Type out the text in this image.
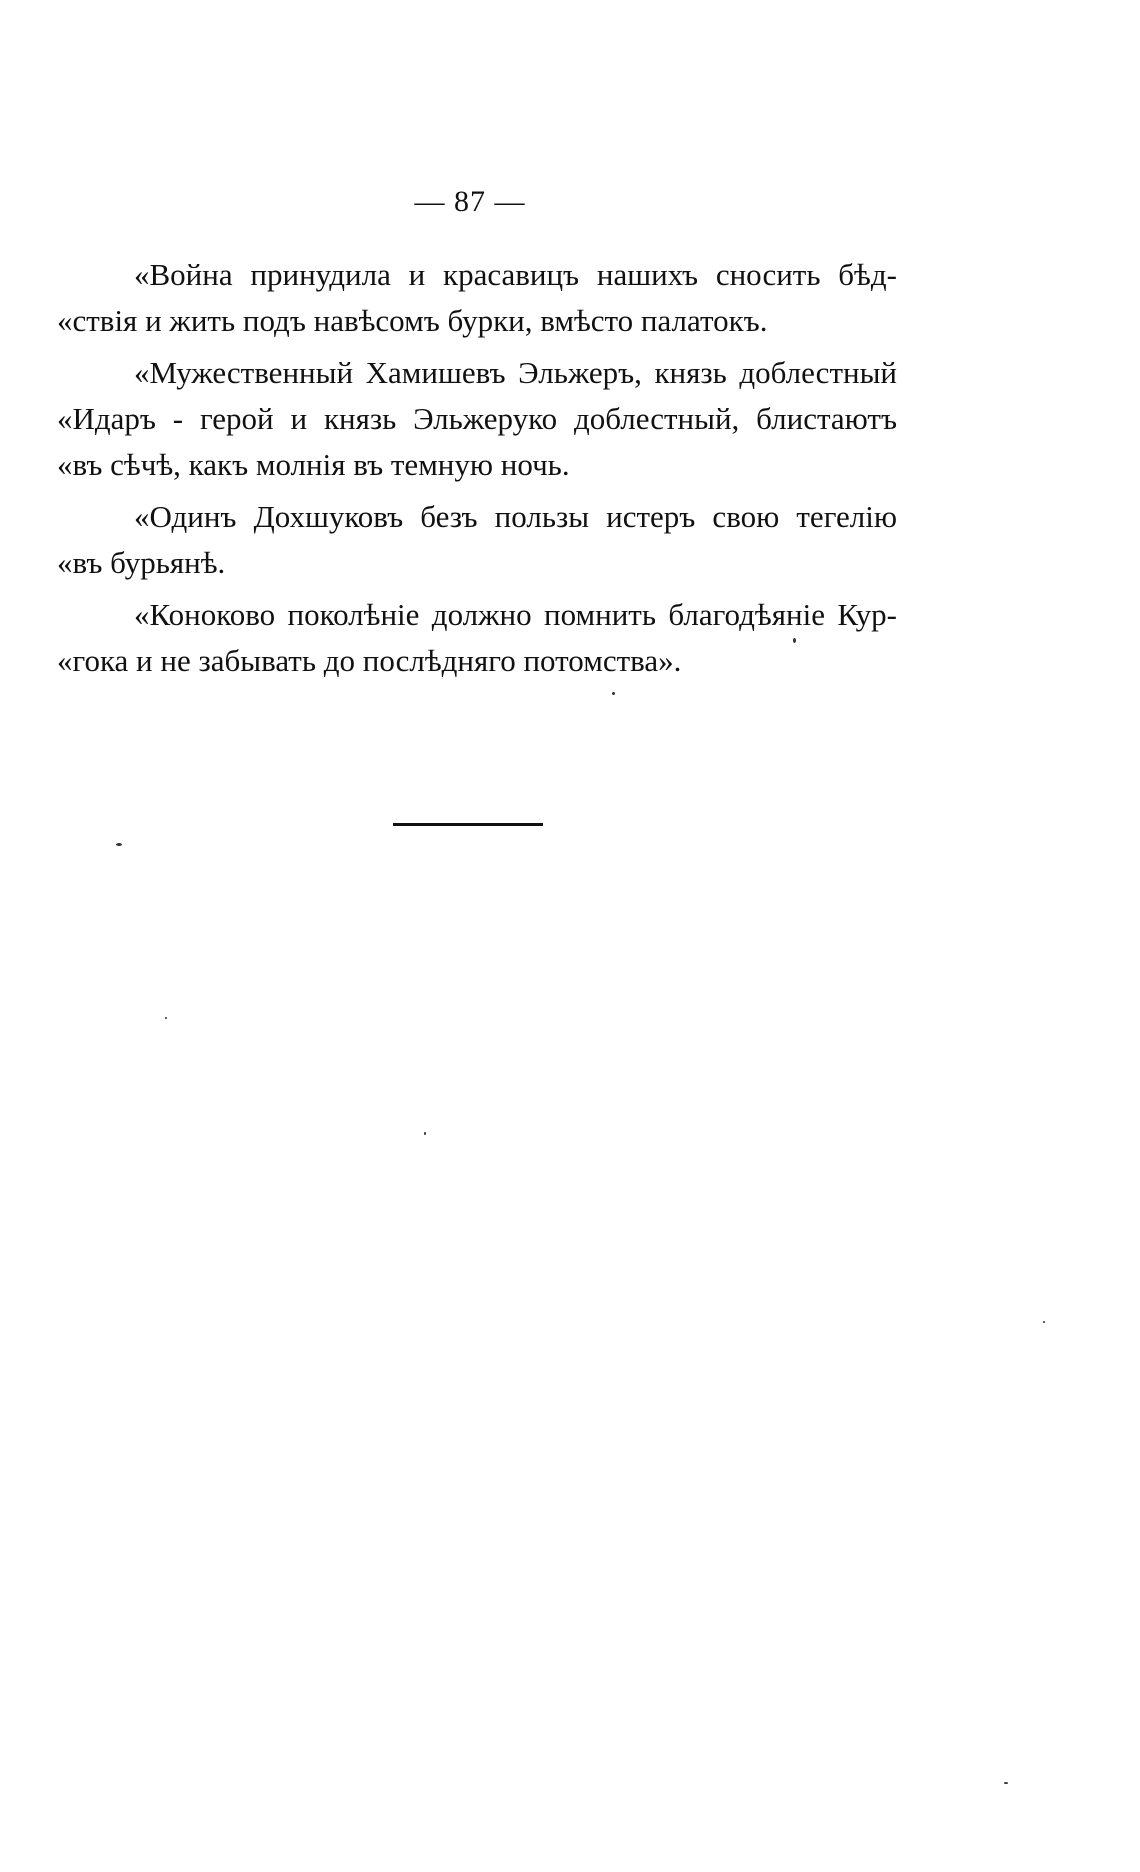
— 87 —
«Война принудила и красавицъ нашихъ сносить бѣд-
«ствія и жить подъ навѣсомъ бурки, вмѣсто палатокъ.
«Мужественный Хамишевъ Эльжеръ, князь доблестный
«Идаръ - герой и князь Эльжеруко доблестный, блистаютъ
«въ сѣчѣ, какъ молнія въ темную ночь.
«Одинъ Дохшуковъ безъ пользы истеръ свою тегелію
«въ бурьянѣ.
«Коноково поколѣніе должно помнить благодѣяніе Кур-
«гока и не забывать до послѣдняго потомства».
